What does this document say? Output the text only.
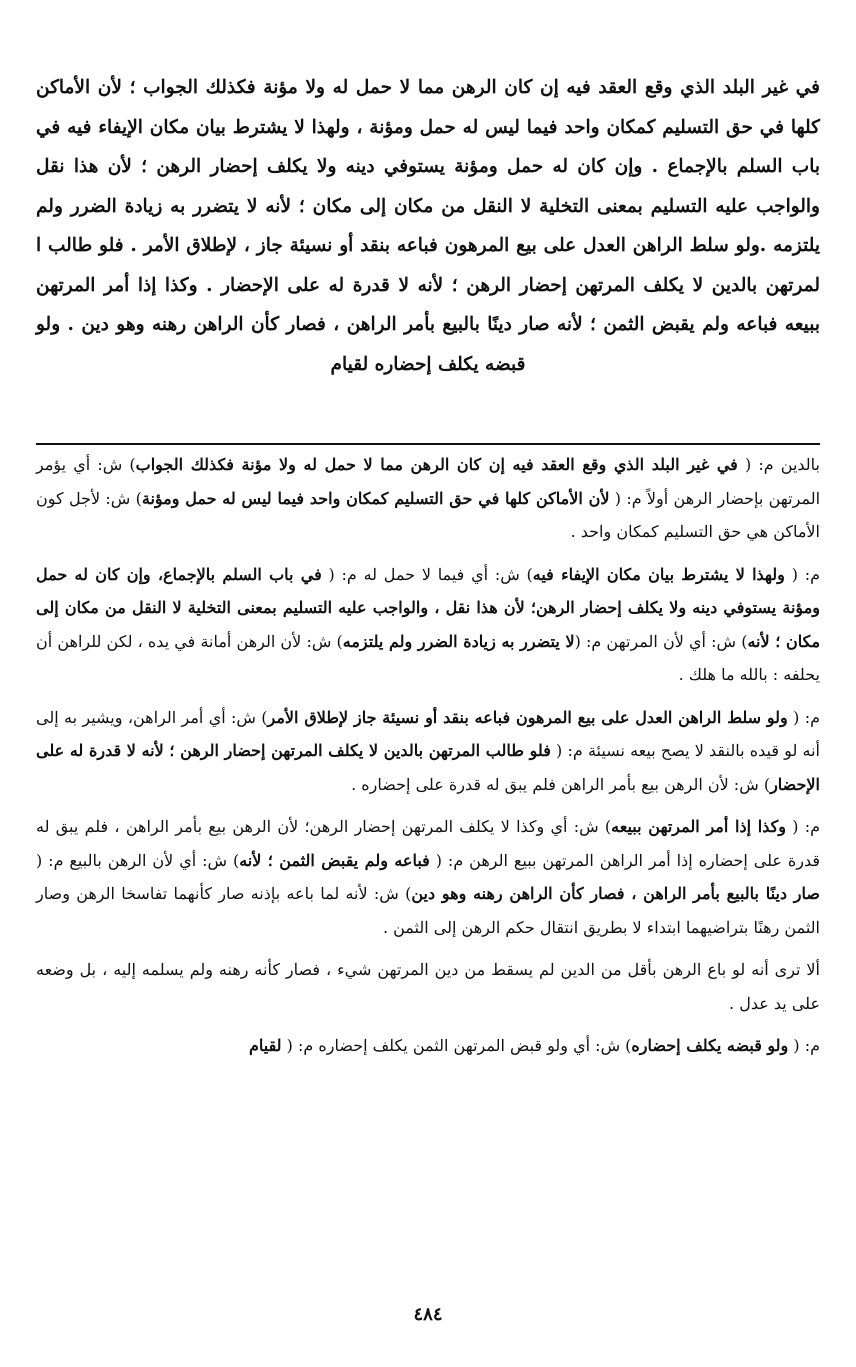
في غير البلد الذي وقع العقد فيه إن كان الرهن مما لا حمل له ولا مؤنة فكذلك الجواب ؛ لأن الأماكن كلها في حق التسليم كمكان واحد فيما ليس له حمل ومؤنة ، ولهذا لا يشترط بيان مكان الإيفاء فيه في باب السلم بالإجماع . وإن كان له حمل ومؤنة يستوفي دينه ولا يكلف إحضار الرهن ؛ لأن هذا نقل والواجب عليه التسليم بمعنى التخلية لا النقل من مكان إلى مكان ؛ لأنه لا يتضرر به زيادة الضرر ولم يلتزمه .ولو سلط الراهن العدل على بيع المرهون فباعه بنقد أو نسيئة جاز ، لإطلاق الأمر . فلو طالب ا لمرتهن بالدين لا يكلف المرتهن إحضار الرهن ؛ لأنه لا قدرة له على الإحضار . وكذا إذا أمر المرتهن ببيعه فباعه ولم يقبض الثمن ؛ لأنه صار دينًا بالبيع بأمر الراهن ، فصار كأن الراهن رهنه وهو دين . ولو قبضه يكلف إحضاره لقيام
بالدين م: ( في غير البلد الذي وقع العقد فيه إن كان الرهن مما لا حمل له ولا مؤنة فكذلك الجواب) ش: أي يؤمر المرتهن بإحضار الرهن أولاً م: ( لأن الأماكن كلها في حق التسليم كمكان واحد فيما ليس له حمل ومؤنة) ش: لأجل كون الأماكن هي حق التسليم كمكان واحد .
م: ( ولهذا لا يشترط بيان مكان الإيفاء فيه) ش: أي فيما لا حمل له م: ( في باب السلم بالإجماع، وإن كان له حمل ومؤنة يستوفي دينه ولا يكلف إحضار الرهن؛ لأن هذا نقل ، والواجب عليه التسليم بمعنى التخلية لا النقل من مكان إلى مكان ؛ لأنه) ش: أي لأن المرتهن م: (لا يتضرر به زيادة الضرر ولم يلتزمه) ش: لأن الرهن أمانة في يده ، لكن للراهن أن يحلفه : بالله ما هلك .
م: ( ولو سلط الراهن العدل على بيع المرهون فباعه بنقد أو نسيئة جاز لإطلاق الأمر) ش: أي أمر الراهن، ويشير به إلى أنه لو قيده بالنقد لا يصح بيعه نسيئة م: ( فلو طالب المرتهن بالدين لا يكلف المرتهن إحضار الرهن ؛ لأنه لا قدرة له على الإحضار) ش: لأن الرهن بيع بأمر الراهن فلم يبق له قدرة على إحضاره .
م: ( وكذا إذا أمر المرتهن ببيعه) ش: أي وكذا لا يكلف المرتهن إحضار الرهن؛ لأن الرهن بيع بأمر الراهن ، فلم يبق له قدرة على إحضاره إذا أمر الراهن المرتهن ببيع الرهن م: ( فباعه ولم يقبض الثمن ؛ لأنه) ش: أي لأن الرهن بالبيع م: ( صار دينًا بالبيع بأمر الراهن ، فصار كأن الراهن رهنه وهو دين) ش: لأنه لما باعه بإذنه صار كأنهما تفاسخا الرهن وصار الثمن رهنًا بتراضيهما ابتداء لا بطريق انتقال حكم الرهن إلى الثمن .
ألا ترى أنه لو باع الرهن بأقل من الدين لم يسقط من دين المرتهن شيء ، فصار كأنه رهنه ولم يسلمه إليه ، بل وضعه على يد عدل .
م: ( ولو قبضه يكلف إحضاره) ش: أي ولو قبض المرتهن الثمن يكلف إحضاره م: ( لقيام
٤٨٤
